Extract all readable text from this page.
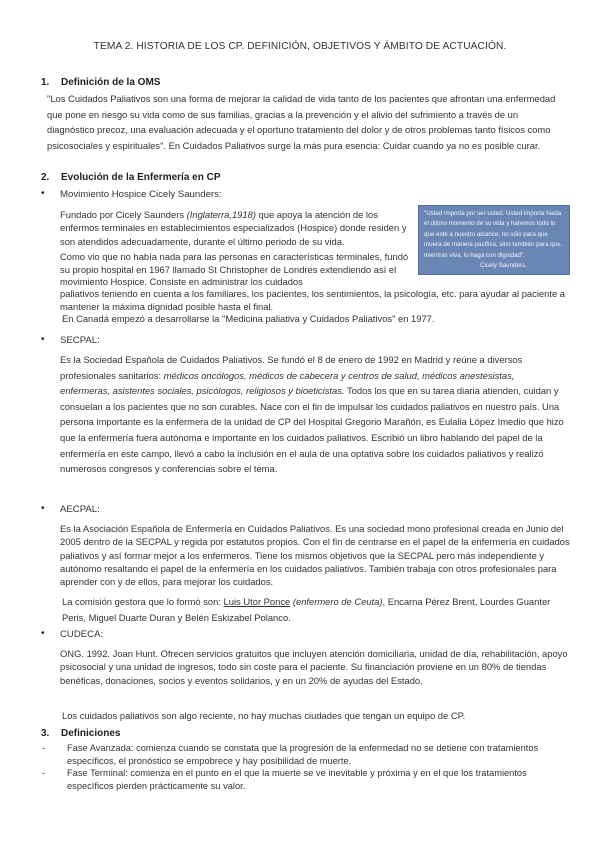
TEMA 2. HISTORIA DE LOS CP. DEFINICIÓN, OBJETIVOS Y ÁMBITO DE ACTUACIÓN.
1. Definición de la OMS
"Los Cuidados Paliativos son una forma de mejorar la calidad de vida tanto de los pacientes que afrontan una enfermedad que pone en riesgo su vida como de sus familias, gracias a la prevención y el alivio del sufrimiento a través de un diagnóstico precoz, una evaluación adecuada y el oportuno tratamiento del dolor y de otros problemas tanto físicos como psicosociales y espirituales". En Cuidados Paliativos surge la más pura esencia: Cuidar cuando ya no es posible curar.
2. Evolución de la Enfermería en CP
• Movimiento Hospice Cicely Saunders:
Fundado por Cicely Saunders (Inglaterra,1918) que apoya la atención de los enfermos terminales en establecimientos especializados (Hospice) donde residen y son atendidos adecuadamente, durante el último periodo de su vida.
"Usted importa por ser usted. Usted importa hasta el último momento de su vida y haremos todo lo que esté a nuestro alcance, no sólo para que muera de manera pacífica, sino también para que, mientras viva, lo haga con dignidad". Cicely Saunders.
Como vio que no había nada para las personas en características terminales, fundó su propio hospital en 1967 llamado St Christopher de Londres extendiendo así el movimiento Hospice. Consiste en administrar los cuidados
paliativos teniendo en cuenta a los familiares, los pacientes, los sentimientos, la psicología, etc. para ayudar al paciente a mantener la máxima dignidad posible hasta el final.
En Canadá empezó a desarrollarse la "Medicina paliativa y Cuidados Paliativos" en 1977.
• SECPAL:
Es la Sociedad Española de Cuidados Paliativos. Se fundó el 8 de enero de 1992 en Madrid y reúne a diversos profesionales sanitarios: médicos oncólogos, médicos de cabecera y centros de salud, médicos anestesistas, enfermeras, asistentes sociales, psicólogos, religiosos y bioeticistas. Todos los que en su tarea diaria atienden, cuidan y consuelan a los pacientes que no son curables. Nace con el fin de impulsar los cuidados paliativos en nuestro país. Una persona importante es la enfermera de la unidad de CP del Hospital Gregorio Marañón, es Eulalia López Imedio que hizo que la enfermería fuera autónoma e importante en los cuidados paliativos. Escribió un libro hablando del papel de la enfermería en este campo, llevó a cabo la inclusión en el aula de una optativa sobre los cuidados paliativos y realizó numerosos congresos y conferencias sobre el tema.
• AECPAL:
Es la Asociación Española de Enfermería en Cuidados Paliativos. Es una sociedad mono profesional creada en Junio del 2005 dentro de la SECPAL y regida por estatutos propios. Con el fin de centrarse en el papel de la enfermería en cuidados paliativos y así formar mejor a los enfermeros. Tiene los mismos objetivos que la SECPAL pero más independiente y autónomo resaltando el papel de la enfermería en los cuidados paliativos. También trabaja con otros profesionales para aprender con y de ellos, para mejorar los cuidados.
La comisión gestora que lo formó son: Luis Utor Ponce (enfermero de Ceuta), Encarna Pérez Brent, Lourdes Guanter Peris, Miguel Duarte Duran y Belén Eskizabel Polanco.
• CUDECA:
ONG. 1992. Joan Hunt. Ofrecen servicios gratuitos que incluyen atención domiciliaria, unidad de día, rehabilitación, apoyo psicosocial y una unidad de ingresos, todo sin coste para el paciente. Su financiación proviene en un 80% de tiendas benéficas, donaciones, socios y eventos solidarios, y en un 20% de ayudas del Estado.
Los cuidados paliativos son algo reciente, no hay muchas ciudades que tengan un equipo de CP.
3. Definiciones
- Fase Avanzada: comienza cuando se constata que la progresión de la enfermedad no se detiene con tratamientos específicos, el pronóstico se empobrece y hay posibilidad de muerte.
- Fase Terminal: comienza en el punto en el que la muerte se ve inevitable y próxima y en el que los tratamientos específicos pierden prácticamente su valor.
